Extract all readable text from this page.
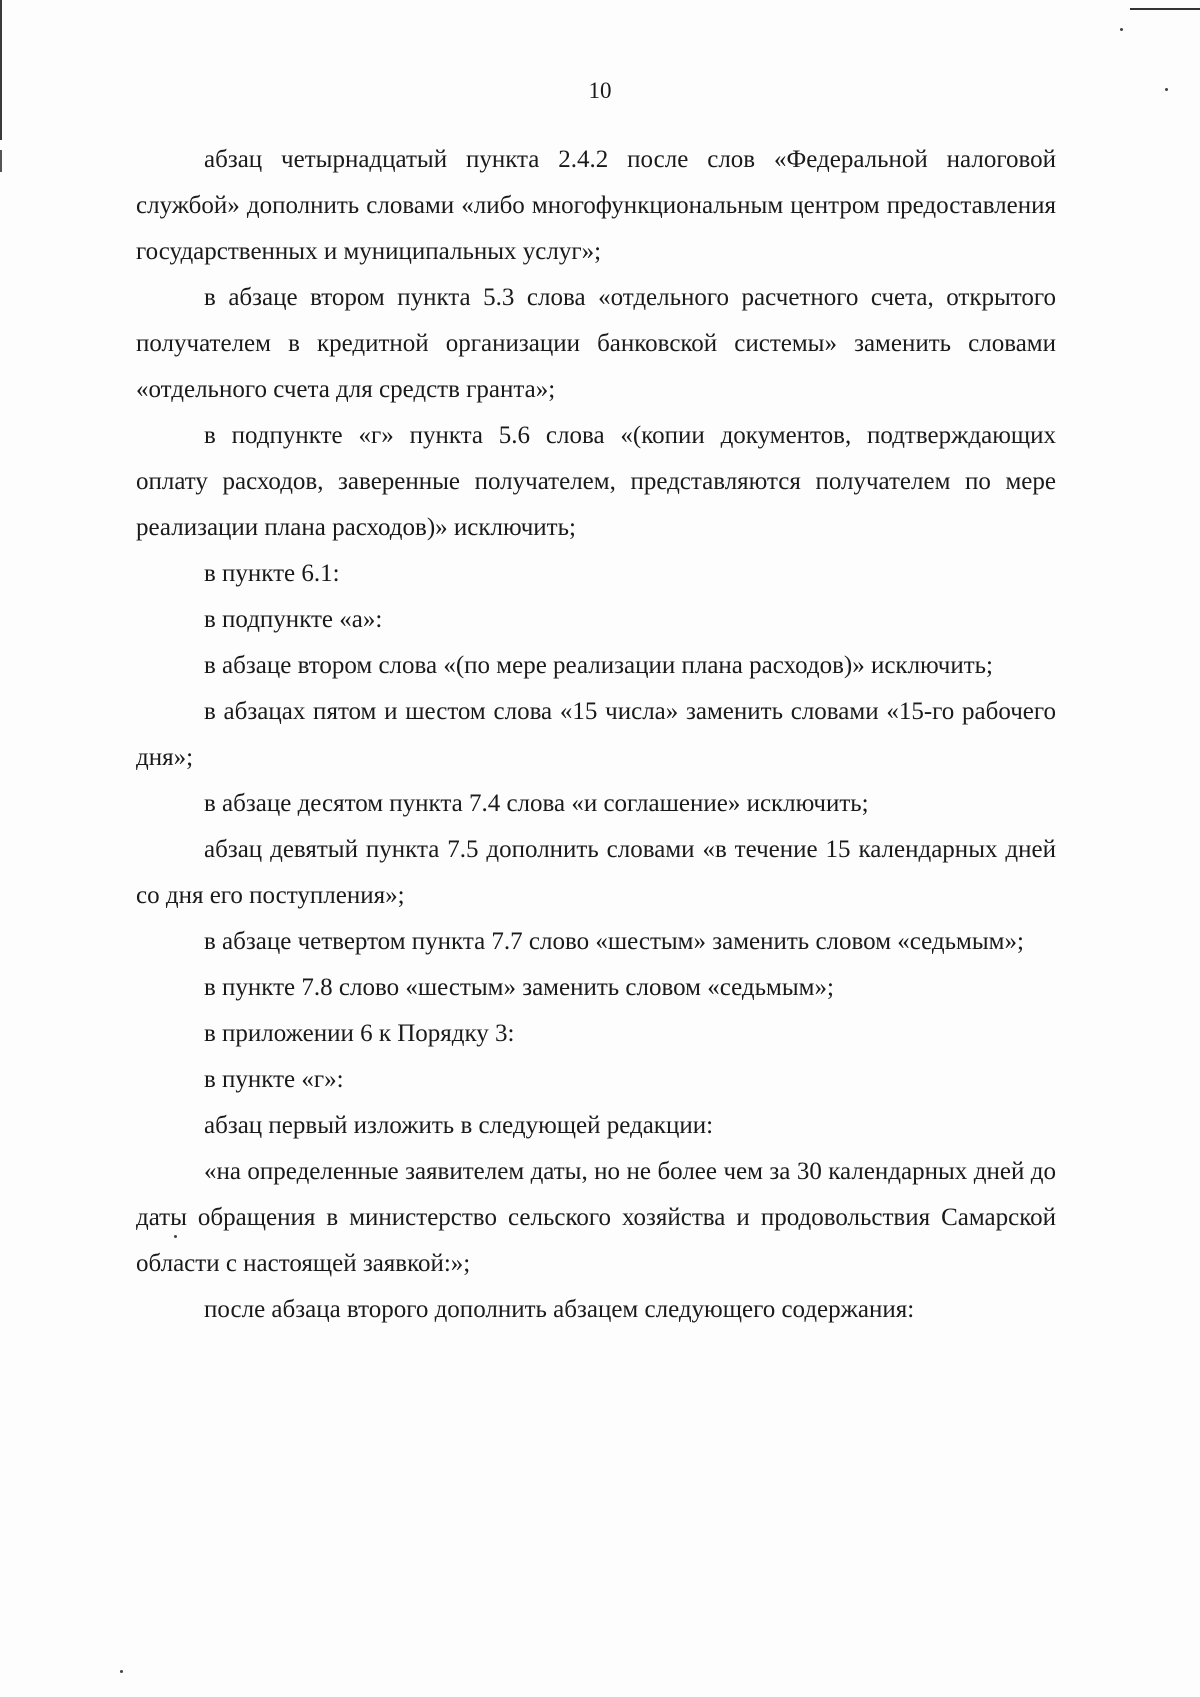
10

абзац четырнадцатый пункта 2.4.2 после слов «Федеральной налоговой службой» дополнить словами «либо многофункциональным центром предоставления государственных и муниципальных услуг»;

в абзаце втором пункта 5.3 слова «отдельного расчетного счета, открытого получателем в кредитной организации банковской системы» заменить словами «отдельного счета для средств гранта»;

в подпункте «г» пункта 5.6 слова «(копии документов, подтверждающих оплату расходов, заверенные получателем, представляются получателем по мере реализации плана расходов)» исключить;

в пункте 6.1:

в подпункте «а»:

в абзаце втором слова «(по мере реализации плана расходов)» исключить;

в абзацах пятом и шестом слова «15 числа» заменить словами «15-го рабочего дня»;

в абзаце десятом пункта 7.4 слова «и соглашение» исключить;

абзац девятый пункта 7.5 дополнить словами «в течение 15 календарных дней со дня его поступления»;

в абзаце четвертом пункта 7.7 слово «шестым» заменить словом «седьмым»;

в пункте 7.8 слово «шестым» заменить словом «седьмым»;

в приложении 6 к Порядку 3:

в пункте «г»:

абзац первый изложить в следующей редакции:

«на определенные заявителем даты, но не более чем за 30 календарных дней до даты обращения в министерство сельского хозяйства и продовольствия Самарской области с настоящей заявкой:»;

после абзаца второго дополнить абзацем следующего содержания:
